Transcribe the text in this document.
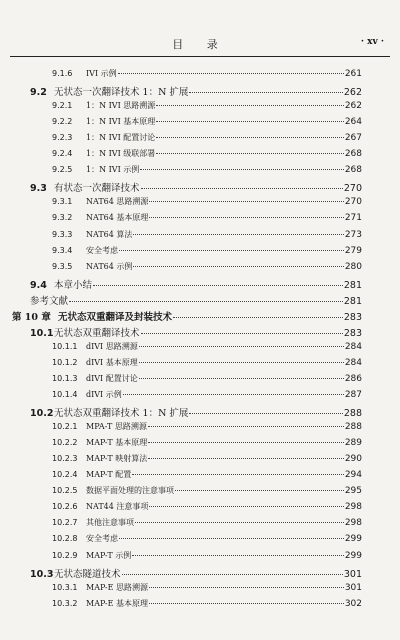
目 录	· xv ·
9.1.6	IVI 示例	261
9.2 无状态一次翻译技术 1：N 扩展	262
9.2.1	1：N IVI 思路溯源	262
9.2.2	1：N IVI 基本原理	264
9.2.3	1：N IVI 配置讨论	267
9.2.4	1：N IVI 级联部署	268
9.2.5	1：N IVI 示例	268
9.3 有状态一次翻译技术	270
9.3.1	NAT64 思路溯源	270
9.3.2	NAT64 基本原理	271
9.3.3	NAT64 算法	273
9.3.4	安全考虑	279
9.3.5	NAT64 示例	280
9.4 本章小结	281
参考文献	281
第 10 章 无状态双重翻译及封装技术	283
10.1 无状态双重翻译技术	283
10.1.1	dIVI 思路溯源	284
10.1.2	dIVI 基本原理	284
10.1.3	dIVI 配置讨论	286
10.1.4	dIVI 示例	287
10.2 无状态双重翻译技术 1：N 扩展	288
10.2.1	MPA-T 思路溯源	288
10.2.2	MAP-T 基本原理	289
10.2.3	MAP-T 映射算法	290
10.2.4	MAP-T 配置	294
10.2.5	数据平面处理的注意事项	295
10.2.6	NAT44 注意事项	298
10.2.7	其他注意事项	298
10.2.8	安全考虑	299
10.2.9	MAP-T 示例	299
10.3 无状态隧道技术	301
10.3.1	MAP-E 思路溯源	301
10.3.2	MAP-E 基本原理	302
